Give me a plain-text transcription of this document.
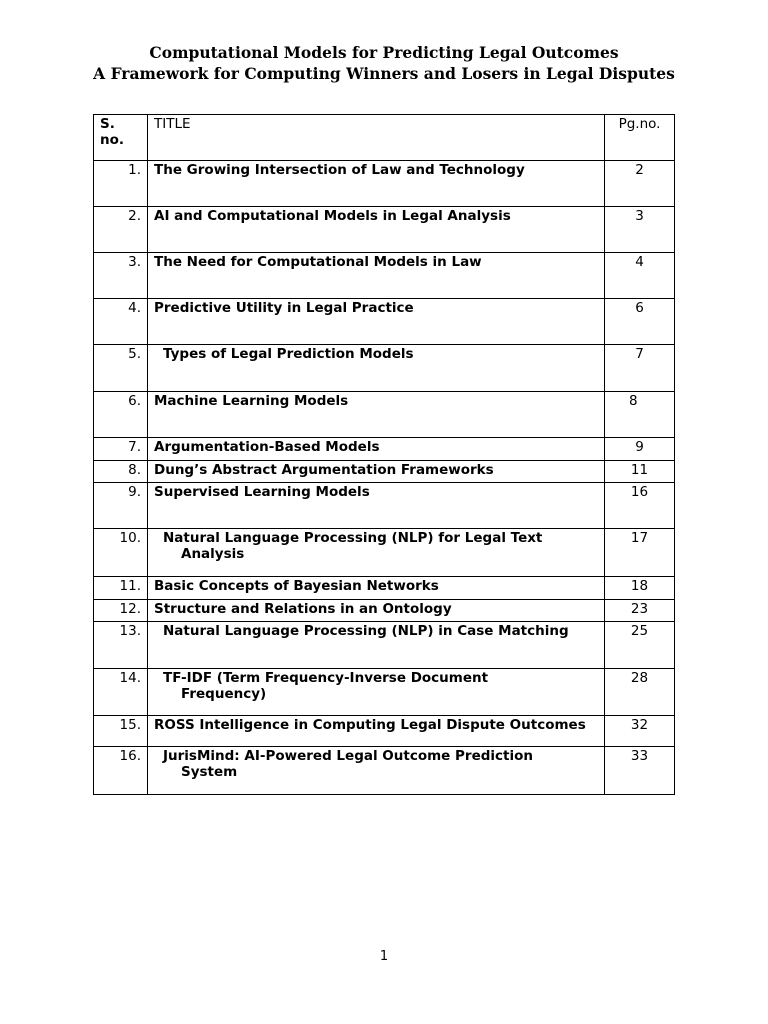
Computational Models for Predicting Legal Outcomes
A Framework for Computing Winners and Losers in Legal Disputes
S. no.	TITLE	Pg.no.
1.	The Growing Intersection of Law and Technology	2
2.	AI and Computational Models in Legal Analysis	3
3.	The Need for Computational Models in Law	4
4.	Predictive Utility in Legal Practice	6
5.	Types of Legal Prediction Models	7
6.	Machine Learning Models	8
7.	Argumentation-Based Models	9
8.	Dung’s Abstract Argumentation Frameworks	11
9.	Supervised Learning Models	16
10.	Natural Language Processing (NLP) for Legal Text
Analysis	17
11.	Basic Concepts of Bayesian Networks	18
12.	Structure and Relations in an Ontology	23
13.	Natural Language Processing (NLP) in Case Matching	25
14.	TF-IDF (Term Frequency-Inverse Document
Frequency)	28
15.	ROSS Intelligence in Computing Legal Dispute Outcomes	32
16.	JurisMind: AI-Powered Legal Outcome Prediction
System	33
1
